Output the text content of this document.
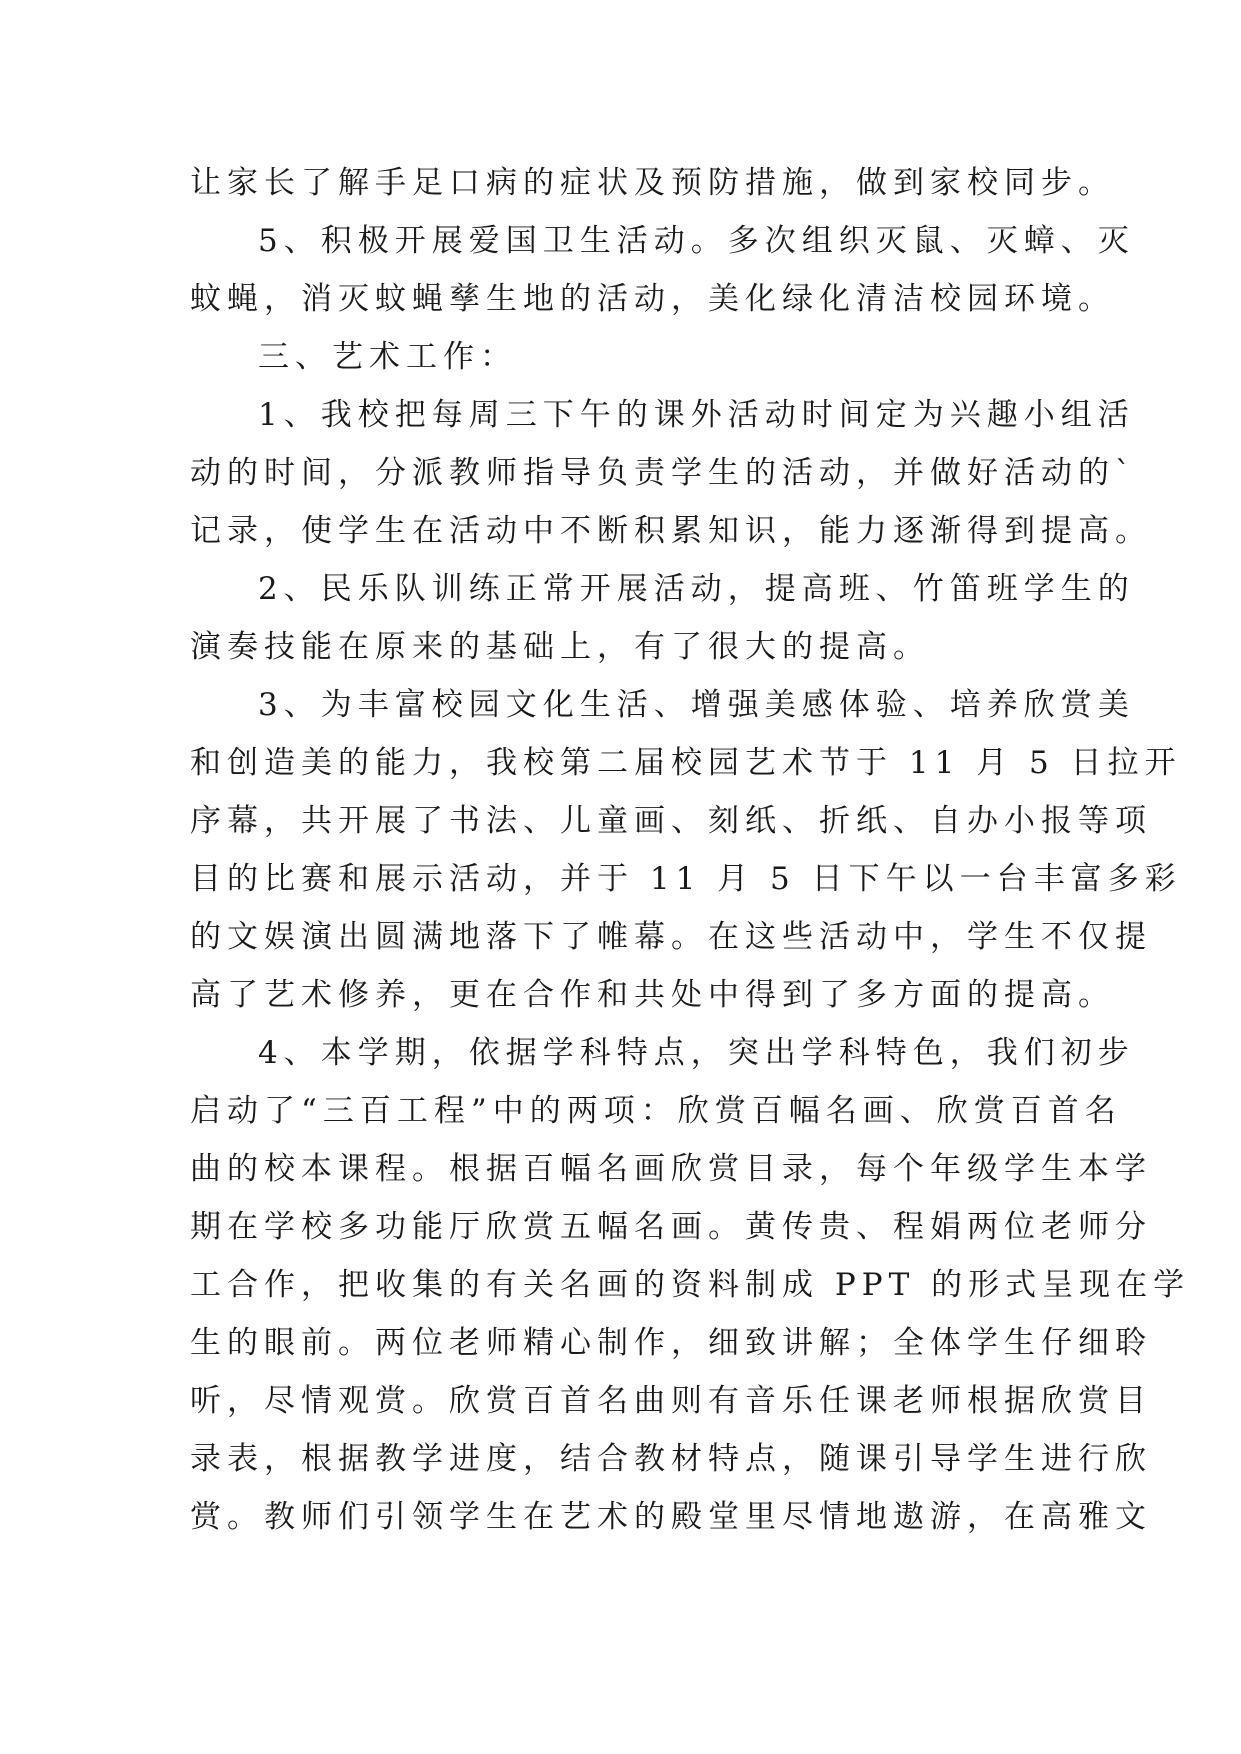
让家长了解手足口病的症状及预防措施，做到家校同步。
5、积极开展爱国卫生活动。多次组织灭鼠、灭蟑、灭
蚊蝇，消灭蚊蝇孳生地的活动，美化绿化清洁校园环境。
三、艺术工作：
1、我校把每周三下午的课外活动时间定为兴趣小组活
动的时间，分派教师指导负责学生的活动，并做好活动的`
记录，使学生在活动中不断积累知识，能力逐渐得到提高。
2、民乐队训练正常开展活动，提高班、竹笛班学生的
演奏技能在原来的基础上，有了很大的提高。
3、为丰富校园文化生活、增强美感体验、培养欣赏美
和创造美的能力，我校第二届校园艺术节于 11 月 5 日拉开
序幕，共开展了书法、儿童画、刻纸、折纸、自办小报等项
目的比赛和展示活动，并于 11 月 5 日下午以一台丰富多彩
的文娱演出圆满地落下了帷幕。在这些活动中，学生不仅提
高了艺术修养，更在合作和共处中得到了多方面的提高。
4、本学期，依据学科特点，突出学科特色，我们初步
启动了“三百工程”中的两项：欣赏百幅名画、欣赏百首名
曲的校本课程。根据百幅名画欣赏目录，每个年级学生本学
期在学校多功能厅欣赏五幅名画。黄传贵、程娟两位老师分
工合作，把收集的有关名画的资料制成 PPT 的形式呈现在学
生的眼前。两位老师精心制作，细致讲解；全体学生仔细聆
听，尽情观赏。欣赏百首名曲则有音乐任课老师根据欣赏目
录表，根据教学进度，结合教材特点，随课引导学生进行欣
赏。教师们引领学生在艺术的殿堂里尽情地遨游，在高雅文
